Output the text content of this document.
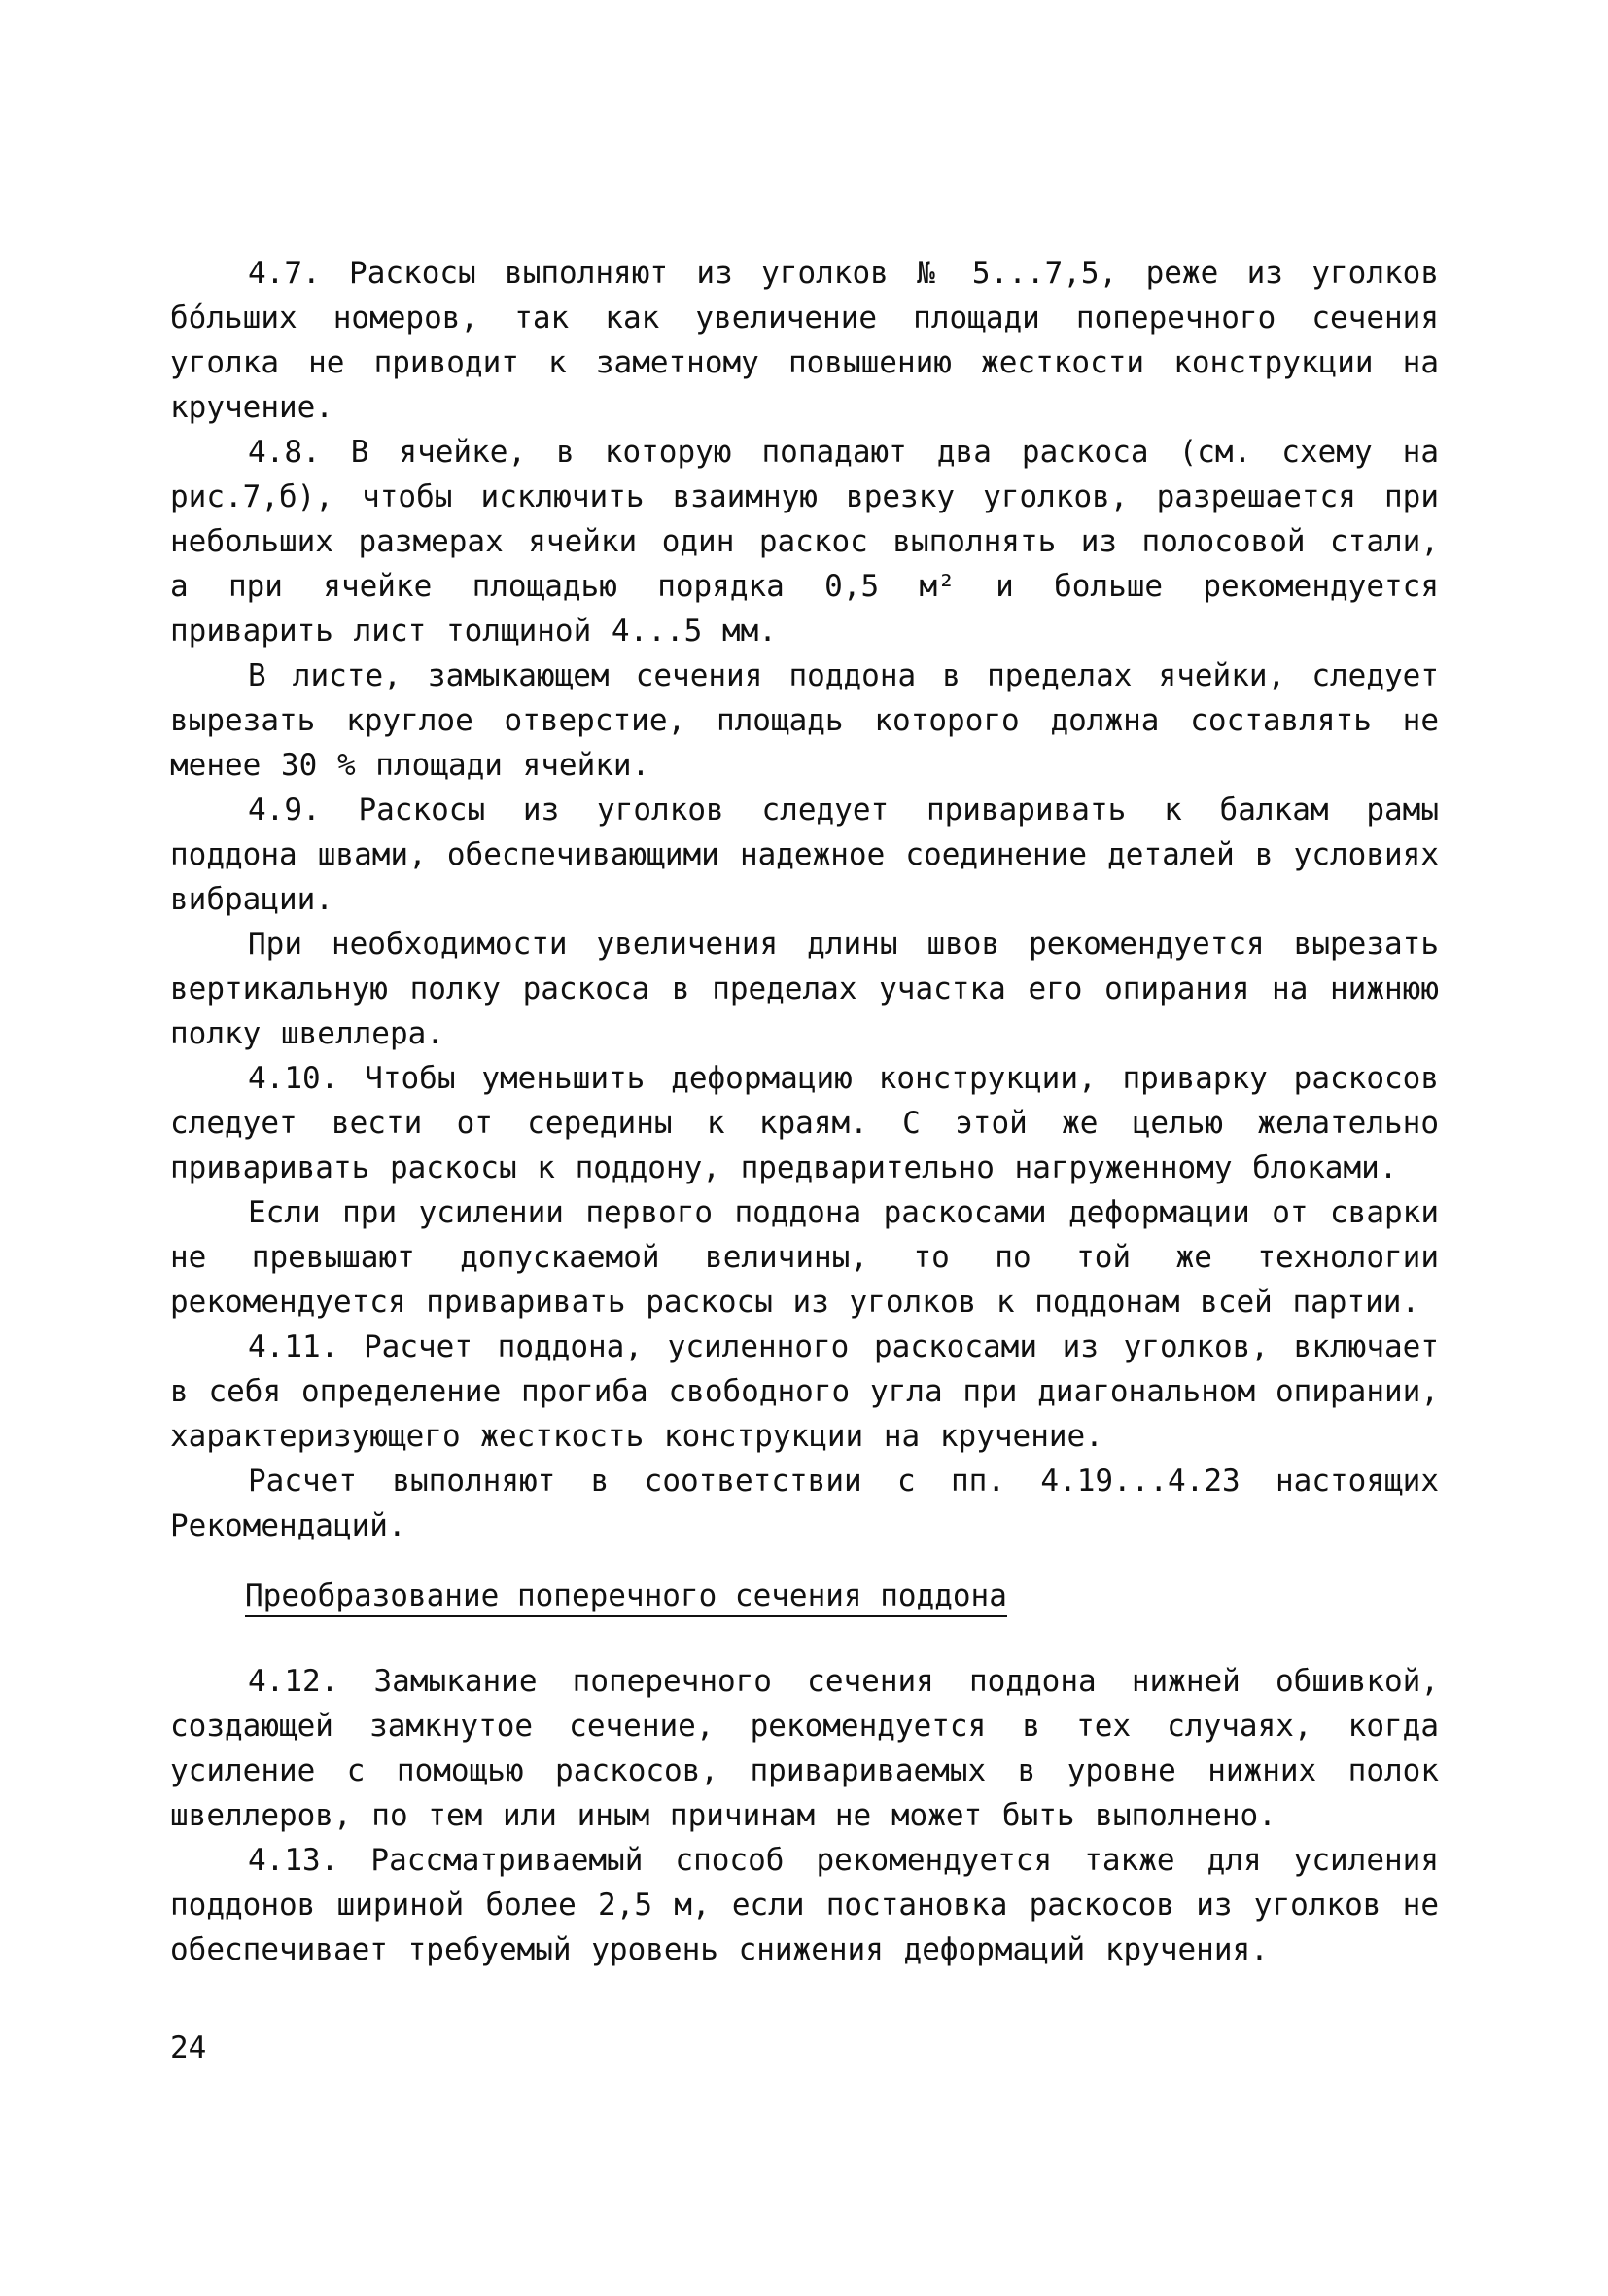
4.7. Раскосы выполняют из уголков № 5...7,5, реже из уголков бо́льших номеров, так как увеличение площади поперечного сечения уголка не приводит к заметному повышению жесткости конструкции на кручение.

4.8. В ячейке, в которую попадают два раскоса (см. схему на рис.7,б), чтобы исключить взаимную врезку уголков, разрешается при небольших размерах ячейки один раскос выполнять из полосовой стали, а при ячейке площадью порядка 0,5 м² и больше рекомендуется приварить лист толщиной 4...5 мм.

В листе, замыкающем сечения поддона в пределах ячейки, следует вырезать круглое отверстие, площадь которого должна составлять не менее 30 % площади ячейки.

4.9. Раскосы из уголков следует приваривать к балкам рамы поддона швами, обеспечивающими надежное соединение деталей в условиях вибрации.

При необходимости увеличения длины швов рекомендуется вырезать вертикальную полку раскоса в пределах участка его опирания на нижнюю полку швеллера.

4.10. Чтобы уменьшить деформацию конструкции, приварку раскосов следует вести от середины к краям. С этой же целью желательно приваривать раскосы к поддону, предварительно нагруженному блоками.

Если при усилении первого поддона раскосами деформации от сварки не превышают допускаемой величины, то по той же технологии рекомендуется приваривать раскосы из уголков к поддонам всей партии.

4.11. Расчет поддона, усиленного раскосами из уголков, включает в себя определение прогиба свободного угла при диагональном опирании, характеризующего жесткость конструкции на кручение.

Расчет выполняют в соответствии с пп. 4.19...4.23 настоящих Рекомендаций.

Преобразование поперечного сечения поддона

4.12. Замыкание поперечного сечения поддона нижней обшивкой, создающей замкнутое сечение, рекомендуется в тех случаях, когда усиление с помощью раскосов, привариваемых в уровне нижних полок швеллеров, по тем или иным причинам не может быть выполнено.

4.13. Рассматриваемый способ рекомендуется также для усиления поддонов шириной более 2,5 м, если постановка раскосов из уголков не обеспечивает требуемый уровень снижения деформаций кручения.

24
